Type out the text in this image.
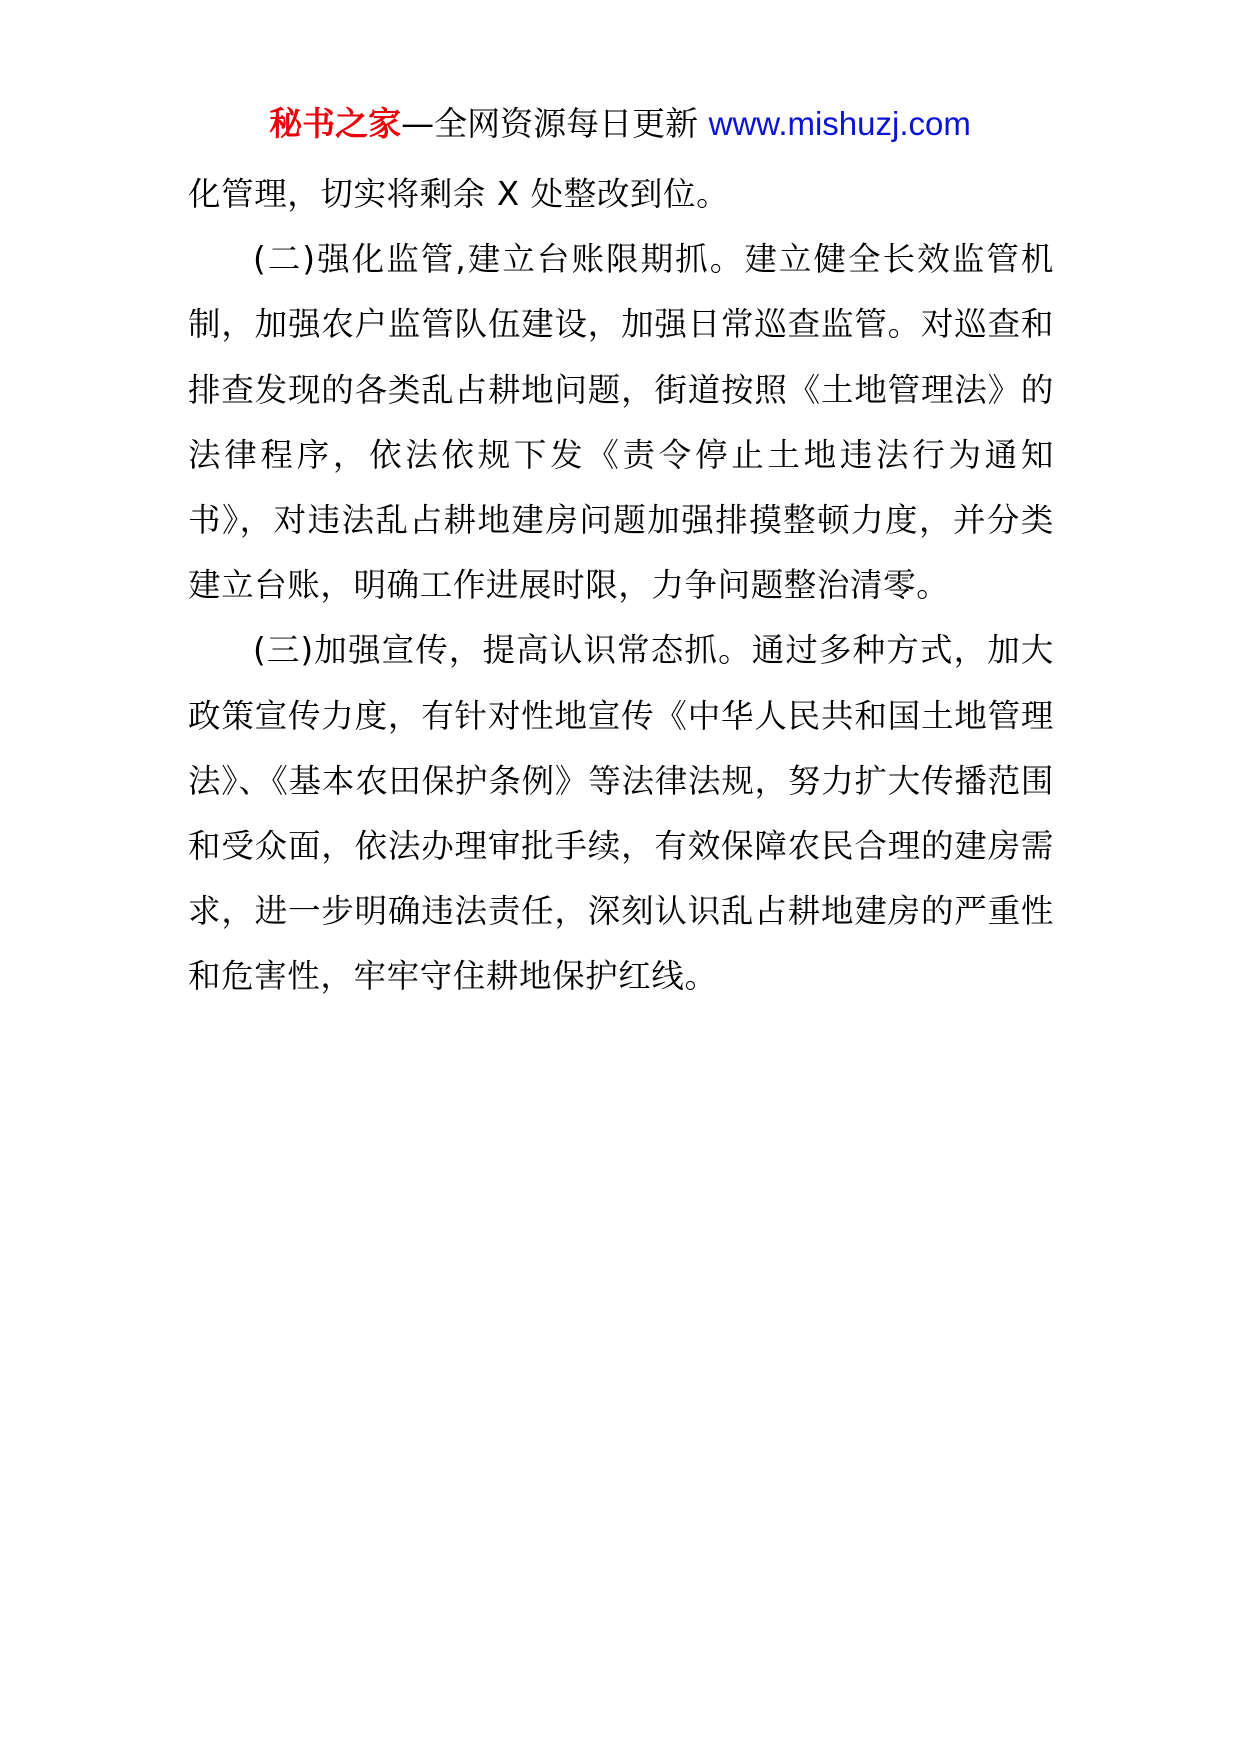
秘书之家—全网资源每日更新 www.mishuzj.com

化管理，切实将剩余 X 处整改到位。

(二)强化监管,建立台账限期抓。建立健全长效监管机制，加强农户监管队伍建设，加强日常巡查监管。对巡查和排查发现的各类乱占耕地问题，街道按照《土地管理法》的法律程序，依法依规下发《责令停止土地违法行为通知书》，对违法乱占耕地建房问题加强排摸整顿力度，并分类建立台账，明确工作进展时限，力争问题整治清零。

(三)加强宣传，提高认识常态抓。通过多种方式，加大政策宣传力度，有针对性地宣传《中华人民共和国土地管理法》、《基本农田保护条例》等法律法规，努力扩大传播范围和受众面，依法办理审批手续，有效保障农民合理的建房需求，进一步明确违法责任，深刻认识乱占耕地建房的严重性和危害性，牢牢守住耕地保护红线。
